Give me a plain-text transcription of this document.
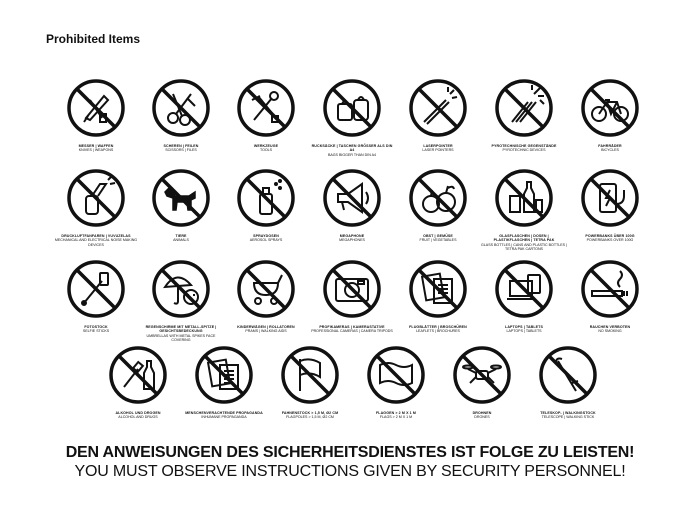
Prohibited Items
MESSER | WAFFEN
KNIVES | WEAPONS
SCHEREN | FEILEN
SCISSORS | FILES
WERKZEUGE
TOOLS
RUCKSÄCKE | TASCHEN GRÖSSER ALS DIN A4
BAGS BIGGER THAN DIN A4
LASERPOINTER
LASER POINTERS
PYROTECHNISCHE GEGENSTÄNDE
PYROTECHNIC DEVICES
FAHRRÄDER
BICYCLES
DRUCKLUFTFANFAREN | VUVUZELAS
MECHANICAL AND ELECTRICAL NOISE MAKING DEVICES
TIERE
ANIMALS
SPRAYDOSEN
AEROSOL SPRAYS
MEGAPHONE
MEGAPHONES
OBST | GEMÜSE
FRUIT | VEGETABLES
GLASFLASCHEN | DOSEN | PLASTIKFLASCHEN | TETRA PAK
GLASS BOTTLES | CANS AND PLASTIC BOTTLES | TETRA PAK CARTONS
POWERBANKS ÜBER 100G
POWERBANKS OVER 100G
FOTOSTOCK
SELFIE STICKS
REGENSCHIRME MIT METALL-SPITZE | GESICHTSBEDECKUNG
UMBRELLAS WITH METAL SPIKES FACE COVERING
KINDERWÄGEN | ROLLATOREN
PRAMS | WALKING AIDS
PROFIKAMERAS | KAMERASTATIVE
PROFESSIONAL CAMERAS | CAMERA TRIPODS
FLUGBLÄTTER | BROSCHÜREN
LEAFLETS | BROCHURES
LAPTOPS | TABLETS
LAPTOPS | TABLETS
RAUCHEN VERBOTEN
NO SMOKING
ALKOHOL UND DROGEN
ALCOHOL AND DRUGS
MENSCHENVERACHTENDE PROPAGANDA
INHUMANE PROPAGANDA
FAHNENSTOCK > 1,5 M, Ø2 CM
FLAGPOLES > 1,5 M, Ø2 CM
FLAGGEN > 2 M X 1 M
FLAGS > 2 M X 1 M
DROHNEN
DRONES
TELESKOP- | WALKINGSTOCK
TELESCOPE | WALKING STICK
DEN ANWEISUNGEN DES SICHERHEITSDIENSTES IST FOLGE ZU LEISTEN!
YOU MUST OBSERVE INSTRUCTIONS GIVEN BY SECURITY PERSONNEL!
